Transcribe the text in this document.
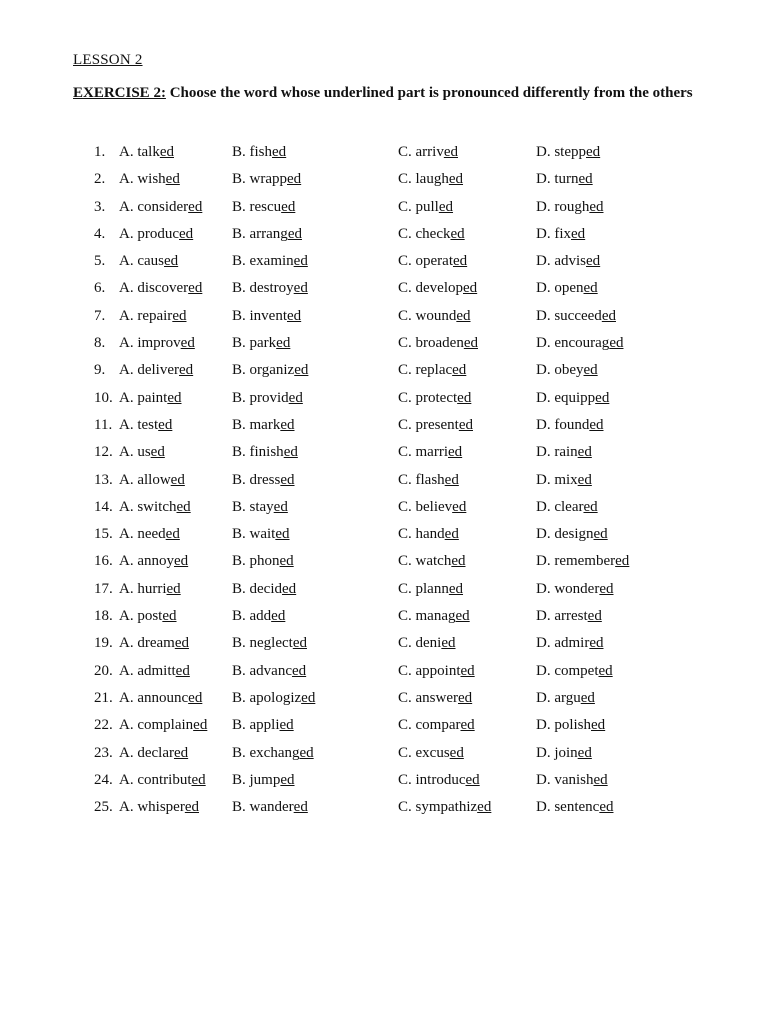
LESSON 2
EXERCISE 2: Choose the word whose underlined part is pronounced differently from the others
1. A. talked	B. fished	C. arrived	D. stepped
2. A. wished	B. wrapped	C. laughed	D. turned
3. A. considered B. rescued	C. pulled	D. roughed
4. A. produced	B. arranged	C. checked	D. fixed
5. A. caused	B. examined	C. operated	D. advised
6. A. discovered B. destroyed	C. developed	D. opened
7. A. repaired	B. invented	C. wounded	D. succeeded
8. A. improved B. parked	C. broadened	D. encouraged
9. A. delivered	B. organized	C. replaced	D. obeyed
10. A. painted	B. provided	C. protected	D. equipped
11. A. tested	B. marked	C. presented	D. founded
12. A. used	B. finished	C. married	D. rained
13. A. allowed	B. dressed	C. flashed	D. mixed
14. A. switched	B. stayed	C. believed	D. cleared
15. A. needed	B. waited	C. handed	D. designed
16. A. annoyed	B. phoned	C. watched	D. remembered
17. A. hurried	B. decided	C. planned	D. wondered
18. A. posted	B. added	C. managed	D. arrested
19. A. dreamed	B. neglected	C. denied	D. admired
20. A. admitted	B. advanced	C. appointed	D. competed
21. A. announced B. apologized	C. answered	D. argued
22. A. complained B. applied	C. compared	D. polished
23. A. declared	B. exchanged	C. excused	D. joined
24. A. contributed B. jumped	C. introduced	D. vanished
25. A. whispered B. wandered	C. sympathized	D. sentenced
